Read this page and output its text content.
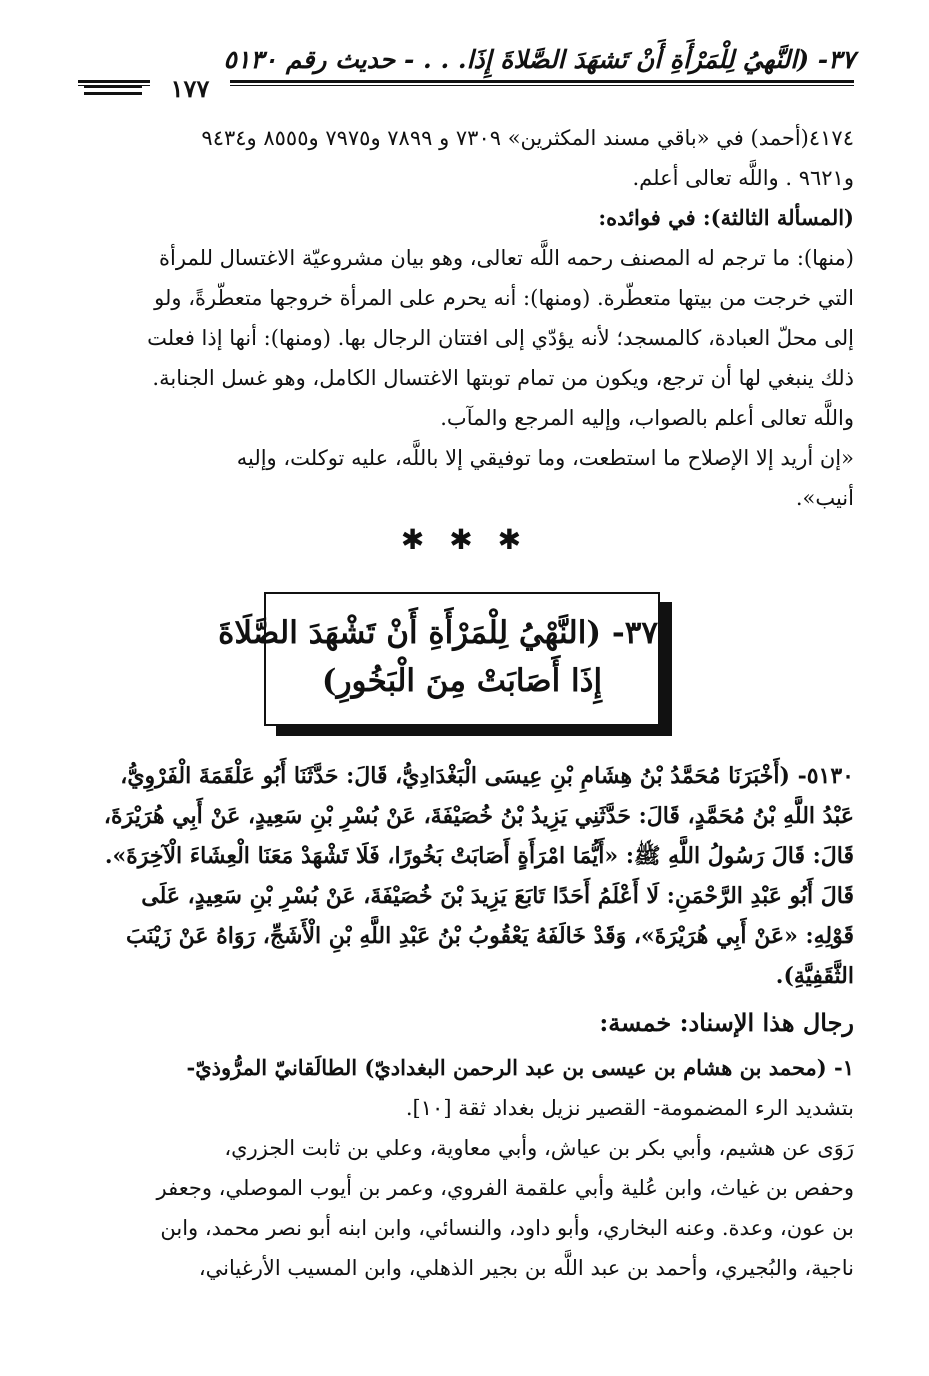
٣٧- (النَّهيُ لِلْمَرْأَةِ أَنْ تَشهَدَ الصَّلاةَ إِذَا. . . - حديث رقم ٥١٣٠
١٧٧
٤١٧٤(أحمد) في «باقي مسند المكثرين» ٧٣٠٩ و ٧٨٩٩ و٧٩٧٥ و٨٥٥٥ و٩٤٣٤
و٩٦٢١ . واللَّه تعالى أعلم.
(المسألة الثالثة): في فوائده:
(منها): ما ترجم له المصنف رحمه اللَّه تعالى، وهو بيان مشروعيّة الاغتسال للمرأة
التي خرجت من بيتها متعطّرة. (ومنها): أنه يحرم على المرأة خروجها متعطّرةً، ولو
إلى محلّ العبادة، كالمسجد؛ لأنه يؤدّي إلى افتتان الرجال بها. (ومنها): أنها إذا فعلت
ذلك ينبغي لها أن ترجع، ويكون من تمام توبتها الاغتسال الكامل، وهو غسل الجنابة.
واللَّه تعالى أعلم بالصواب، وإليه المرجع والمآب.
«إن أريد إلا الإصلاح ما استطعت، وما توفيقي إلا باللَّه، عليه توكلت، وإليه
أنيب».
✱ ✱ ✱
٣٧- (النَّهْيُ لِلْمَرْأَةِ أَنْ تَشْهَدَ الصَّلَاةَ
إِذَا أَصَابَتْ مِنَ الْبَخُورِ)
٥١٣٠- (أَخْبَرَنَا مُحَمَّدُ بْنُ هِشَامِ بْنِ عِيسَى الْبَغْدَادِيُّ، قَالَ: حَدَّثَنَا أَبُو عَلْقَمَةَ الْفَرْوِيُّ،
عَبْدُ اللَّهِ بْنُ مُحَمَّدٍ، قَالَ: حَدَّثَنِي يَزِيدُ بْنُ خُصَيْفَةَ، عَنْ بُسْرِ بْنِ سَعِيدٍ، عَنْ أَبِي هُرَيْرَةَ،
قَالَ: قَالَ رَسُولُ اللَّهِ ﷺ: «أَيُّمَا امْرَأَةٍ أَصَابَتْ بَخُورًا، فَلَا تَشْهَدْ مَعَنَا الْعِشَاءَ الْآخِرَةَ».
قَالَ أَبُو عَبْدِ الرَّحْمَنِ: لَا أَعْلَمُ أَحَدًا تَابَعَ يَزِيدَ بْنَ خُصَيْفَةَ، عَنْ بُسْرِ بْنِ سَعِيدٍ، عَلَى
قَوْلِهِ: «عَنْ أَبِي هُرَيْرَةَ»، وَقَدْ خَالَفَهُ يَعْقُوبُ بْنُ عَبْدِ اللَّهِ بْنِ الْأَشَجِّ، رَوَاهُ عَنْ زَيْنَبَ
الثَّقَفِيَّةِ).
رجال هذا الإسناد: خمسة:
١- (محمد بن هشام بن عيسى بن عبد الرحمن البغداديّ) الطالَقانيّ المرُّوذيّ-
بتشديد الرء المضمومة- القصير نزيل بغداد ثقة [١٠].
رَوَى عن هشيم، وأبي بكر بن عياش، وأبي معاوية، وعلي بن ثابت الجزري،
وحفص بن غياث، وابن عُلية وأبي علقمة الفروي، وعمر بن أيوب الموصلي، وجعفر
بن عون، وعدة. وعنه البخاري، وأبو داود، والنسائي، وابن ابنه أبو نصر محمد، وابن
ناجية، والبُجيري، وأحمد بن عبد اللَّه بن بجير الذهلي، وابن المسيب الأرغياني،
